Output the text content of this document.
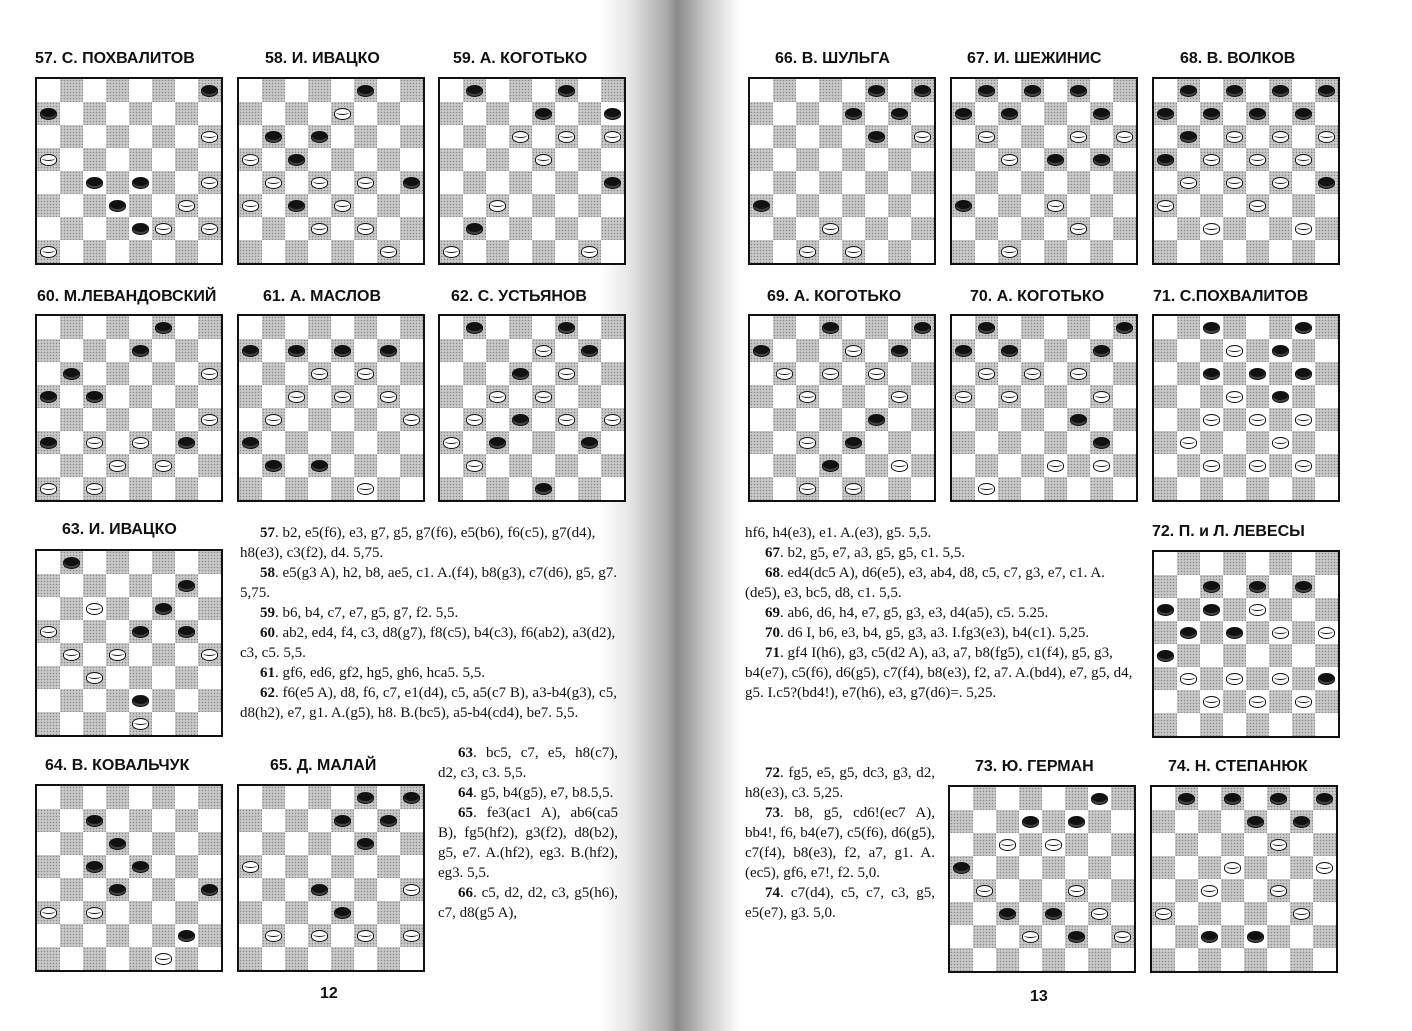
57. С. ПОХВАЛИТОВ	58. И. ИВАЦКО	59. А. КОГОТЬКО
60. М.ЛЕВАНДОВСКИЙ	61. А. МАСЛОВ	62. С. УСТЬЯНОВ
63. И. ИВАЦКО
64. В. КОВАЛЬЧУК	65. Д. МАЛАЙ
66. В. ШУЛЬГА	67. И. ШЕЖИНИС	68. В. ВОЛКОВ
69. А. КОГОТЬКО	70. А. КОГОТЬКО	71. С.ПОХВАЛИТОВ
72. П. и Л. ЛЕВЕСЫ
73. Ю. ГЕРМАН	74. Н. СТЕПАНЮК

57. b2, e5(f6), e3, g7, g5, g7(f6), e5(b6), f6(c5), g7(d4), h8(e3), c3(f2), d4. 5,75.

58. e5(g3 A), h2, b8, ae5, c1. A.(f4), b8(g3), c7(d6), g5, g7. 5,75.

59. b6, b4, c7, e7, g5, g7, f2. 5,5.

60. ab2, ed4, f4, c3, d8(g7), f8(c5), b4(c3), f6(ab2), a3(d2), c3, c5. 5,5.

61. gf6, ed6, gf2, hg5, gh6, hca5. 5,5.

62. f6(e5 A), d8, f6, c7, e1(d4), c5, a5(c7 B), a3-b4(g3), c5, d8(h2), e7, g1. A.(g5), h8. B.(bc5), a5-b4(cd4), be7. 5,5.

63. bc5, c7, e5, h8(c7), d2, c3, c3. 5,5.

64. g5, b4(g5), e7, b8.5,5.

65. fe3(ac1 A), ab6(ca5 B), fg5(hf2), g3(f2), d8(b2), g5, e7. A.(hf2), eg3. B.(hf2), eg3. 5,5.

66. c5, d2, d2, c3, g5(h6), c7, d8(g5 A),

hf6, h4(e3), e1. A.(e3), g5. 5,5.

67. b2, g5, e7, a3, g5, g5, c1. 5,5.

68. ed4(dc5 A), d6(e5), e3, ab4, d8, c5, c7, g3, e7, c1. A.(de5), e3, bc5, d8, c1. 5,5.

69. ab6, d6, h4, e7, g5, g3, e3, d4(a5), c5. 5.25.

70. d6 I, b6, e3, b4, g5, g3, a3. I.fg3(e3), b4(c1). 5,25.

71. gf4 I(h6), g3, c5(d2 A), a3, a7, b8(fg5), c1(f4), g5, g3, b4(e7), c5(f6), d6(g5), c7(f4), b8(e3), f2, a7. A.(bd4), e7, g5, d4, g5. I.c5?(bd4!), e7(h6), e3, g7(d6)=. 5,25.

72. fg5, e5, g5, dc3, g3, d2, h8(e3), c3. 5,25.

73. b8, g5, cd6!(ec7 A), bb4!, f6, b4(e7), c5(f6), d6(g5), c7(f4), b8(e3), f2, a7, g1. A.(ec5), gf6, e7!, f2. 5,0.

74. c7(d4), c5, c7, c3, g5, e5(e7), g3. 5,0.

12	13
